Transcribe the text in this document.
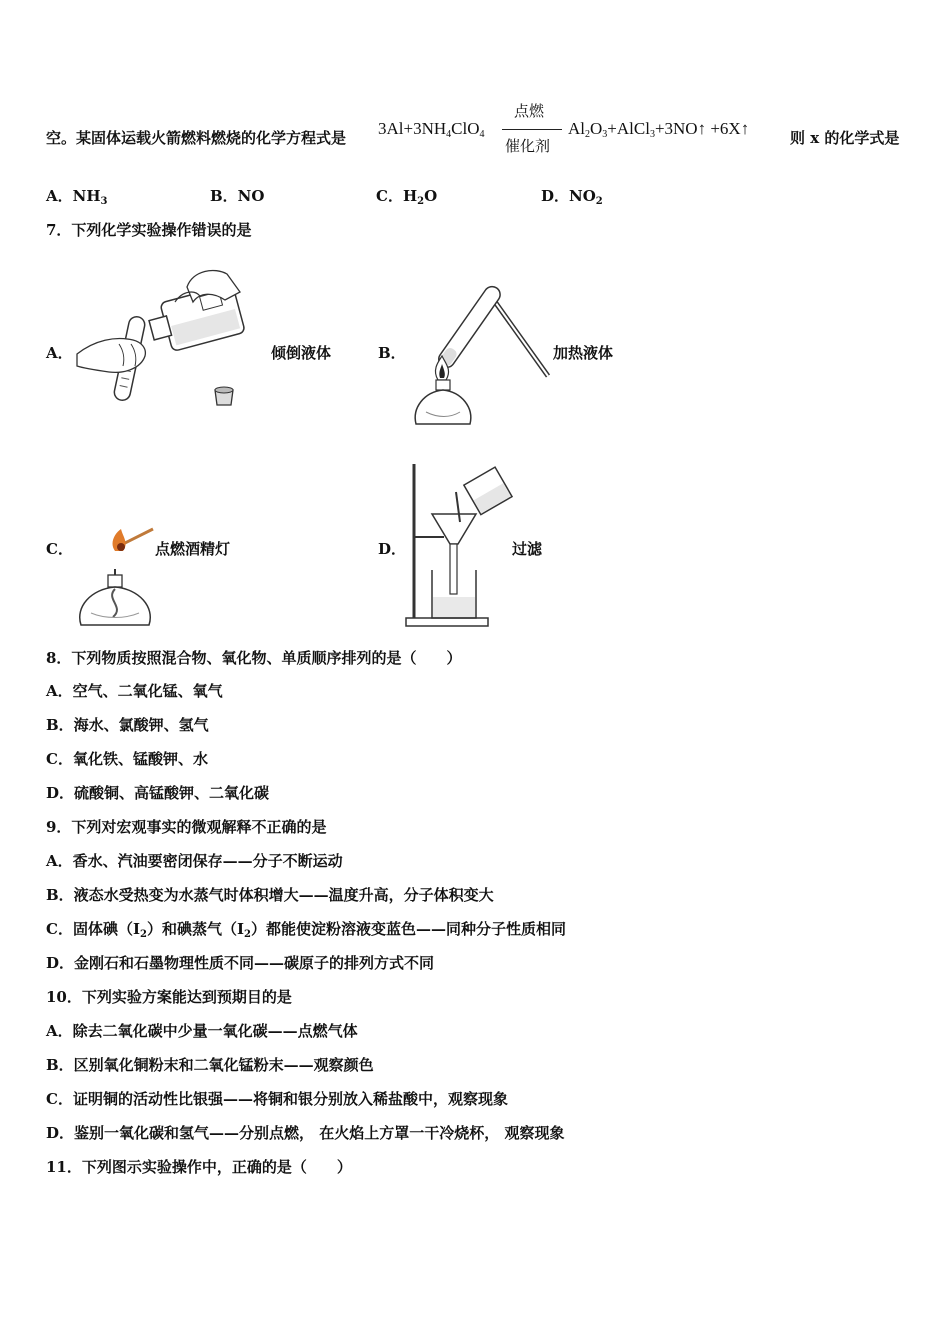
空。某固体运载火箭燃料燃烧的化学方程式是 $3Al+3NH_4ClO_4$
点燃
催化剂
$Al_2O_3+AlCl_3+3NO↑$ +6X↑	则 x 的化学式是
A．$NH_3$	B．NO	C．$H_2O$	D．$NO_2$
7．下列化学实验操作错误的是
A．	倾倒液体	B．	加热液体
C．	点燃酒精灯	D．	过滤
8．下列物质按照混合物、氧化物、单质顺序排列的是（　　）
A．空气、二氧化锰、氧气
B．海水、氯酸钾、氢气
C．氧化铁、锰酸钾、水
D．硫酸铜、高锰酸钾、二氧化碳
9．下列对宏观事实的微观解释不正确的是
A．香水、汽油要密闭保存——分子不断运动
B．液态水受热变为水蒸气时体积增大——温度升高，分子体积变大
C．固体碘$(I_2)$和碘蒸气$(I_2)$都能使淀粉溶液变蓝色——同种分子性质相同
D．金刚石和石墨物理性质不同——碳原子的排列方式不同
10．下列实验方案能达到预期目的是
A．除去二氧化碳中少量一氧化碳——点燃气体
B．区别氧化铜粉末和二氧化锰粉末——观察颜色
C．证明铜的活动性比银强——将铜和银分别放入稀盐酸中，观察现象
D．鉴别一氧化碳和氢气——分别点燃， 在火焰上方罩一干冷烧杯， 观察现象
11．下列图示实验操作中，正确的是（　　）
